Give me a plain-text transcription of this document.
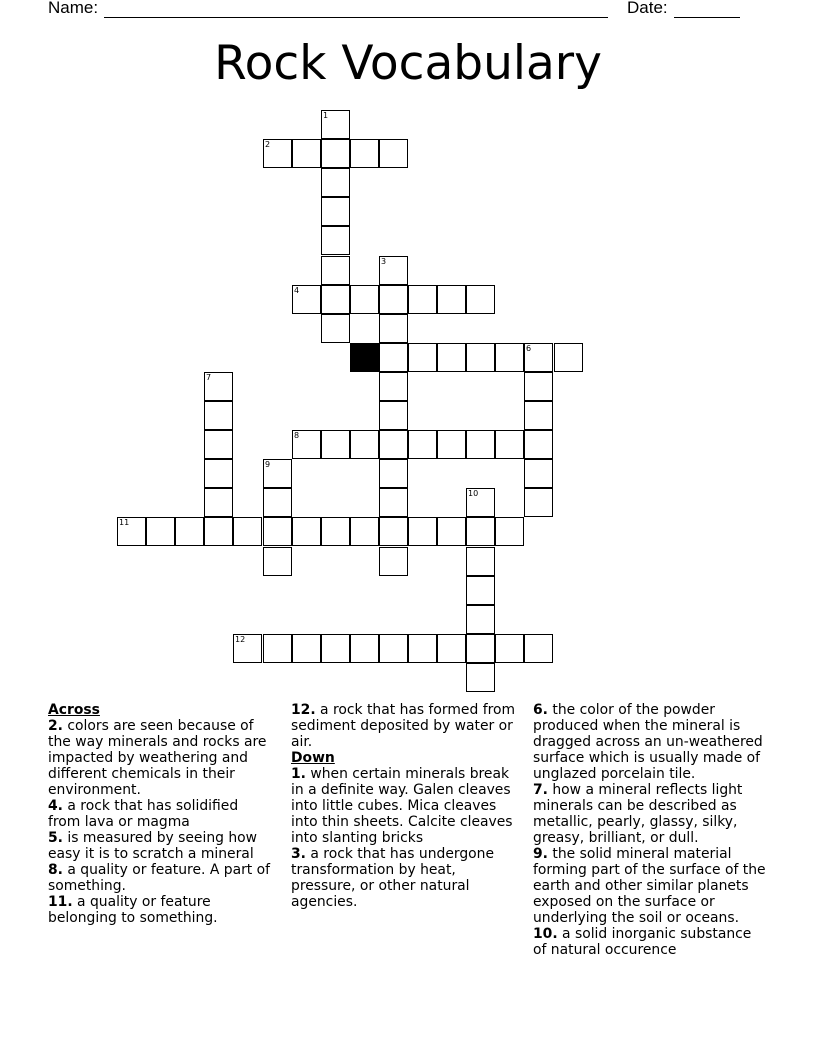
Name:	Date:
Rock Vocabulary
1
2
3
4
6
7
8
9
10
11
12
Across

2. colors are seen because of the way minerals and rocks are impacted by weathering and different chemicals in their environment.

4. a rock that has solidified from lava or magma

5. is measured by seeing how easy it is to scratch a mineral

8. a quality or feature. A part of something.

11. a quality or feature belonging to something.

12. a rock that has formed from sediment deposited by water or air.

Down

1. when certain minerals break in a definite way. Galen cleaves into little cubes. Mica cleaves into thin sheets. Calcite cleaves into slanting bricks

3. a rock that has undergone transformation by heat, pressure, or other natural agencies.

6. the color of the powder produced when the mineral is dragged across an un-weathered surface which is usually made of unglazed porcelain tile.

7. how a mineral reflects light minerals can be described as metallic, pearly, glassy, silky, greasy, brilliant, or dull.

9. the solid mineral material forming part of the surface of the earth and other similar planets exposed on the surface or underlying the soil or oceans.

10. a solid inorganic substance of natural occurence
